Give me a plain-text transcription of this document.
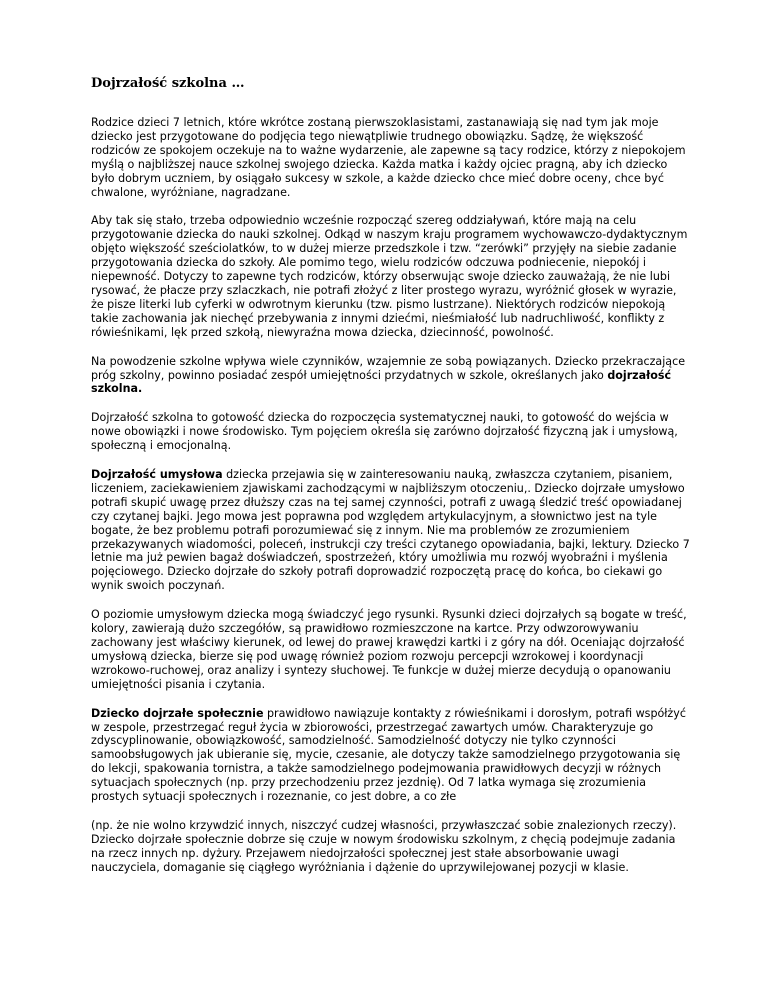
Dojrzałość szkolna …

Rodzice dzieci 7 letnich, które wkrótce zostaną pierwszoklasistami, zastanawiają się nad tym jak moje dziecko jest przygotowane do podjęcia tego niewątpliwie trudnego obowiązku. Sądzę, że większość rodziców ze spokojem oczekuje na to ważne wydarzenie, ale zapewne są tacy rodzice, którzy z niepokojem myślą o najbliższej nauce szkolnej swojego dziecka. Każda matka i każdy ojciec pragną, aby ich dziecko było dobrym uczniem, by osiągało sukcesy w szkole, a każde dziecko chce mieć dobre oceny, chce być chwalone, wyróżniane, nagradzane.

Aby tak się stało, trzeba odpowiednio wcześnie rozpocząć szereg oddziaływań, które mają na celu przygotowanie dziecka do nauki szkolnej. Odkąd w naszym kraju programem wychowawczo-dydaktycznym objęto większość sześciolatków, to w dużej mierze przedszkole i tzw. “zerówki” przyjęły na siebie zadanie przygotowania dziecka do szkoły. Ale pomimo tego, wielu rodziców odczuwa podniecenie, niepokój i niepewność. Dotyczy to zapewne tych rodziców, którzy obserwując swoje dziecko zauważają, że nie lubi rysować, że płacze przy szlaczkach, nie potrafi złożyć z liter prostego wyrazu, wyróżnić głosek w wyrazie, że pisze literki lub cyferki w odwrotnym kierunku (tzw. pismo lustrzane). Niektórych rodziców niepokoją takie zachowania jak niechęć przebywania z innymi dziećmi, nieśmiałość lub nadruchliwość, konflikty z rówieśnikami, lęk przed szkołą, niewyraźna mowa dziecka, dziecinność, powolność.

Na powodzenie szkolne wpływa wiele czynników, wzajemnie ze sobą powiązanych. Dziecko przekraczające próg szkolny, powinno posiadać zespół umiejętności przydatnych w szkole, określanych jako dojrzałość szkolna.

Dojrzałość szkolna to gotowość dziecka do rozpoczęcia systematycznej nauki, to gotowość do wejścia w nowe obowiązki i nowe środowisko. Tym pojęciem określa się zarówno dojrzałość fizyczną jak i umysłową, społeczną i emocjonalną.

Dojrzałość umysłowa dziecka przejawia się w zainteresowaniu nauką, zwłaszcza czytaniem, pisaniem, liczeniem, zaciekawieniem zjawiskami zachodzącymi w najbliższym otoczeniu,. Dziecko dojrzałe umysłowo potrafi skupić uwagę przez dłuższy czas na tej samej czynności, potrafi z uwagą śledzić treść opowiadanej czy czytanej bajki. Jego mowa jest poprawna pod względem artykulacyjnym, a słownictwo jest na tyle bogate, że bez problemu potrafi porozumiewać się z innym. Nie ma problemów ze zrozumieniem przekazywanych wiadomości, poleceń, instrukcji czy treści czytanego opowiadania, bajki, lektury. Dziecko 7 letnie ma już pewien bagaż doświadczeń, spostrzeżeń, który umożliwia mu rozwój wyobraźni i myślenia pojęciowego. Dziecko dojrzałe do szkoły potrafi doprowadzić rozpoczętą pracę do końca, bo ciekawi go wynik swoich poczynań.

O poziomie umysłowym dziecka mogą świadczyć jego rysunki. Rysunki dzieci dojrzałych są bogate w treść, kolory, zawierają dużo szczegółów, są prawidłowo rozmieszczone na kartce. Przy odwzorowywaniu zachowany jest właściwy kierunek, od lewej do prawej krawędzi kartki i z góry na dół. Oceniając dojrzałość umysłową dziecka, bierze się pod uwagę również poziom rozwoju percepcji wzrokowej i koordynacji wzrokowo-ruchowej, oraz analizy i syntezy słuchowej. Te funkcje w dużej mierze decydują o opanowaniu umiejętności pisania i czytania.

Dziecko dojrzałe społecznie prawidłowo nawiązuje kontakty z rówieśnikami i dorosłym, potrafi współżyć w zespole, przestrzegać reguł życia w zbiorowości, przestrzegać zawartych umów. Charakteryzuje go zdyscyplinowanie, obowiązkowość, samodzielność. Samodzielność dotyczy nie tylko czynności samoobsługowych jak ubieranie się, mycie, czesanie, ale dotyczy także samodzielnego przygotowania się do lekcji, spakowania tornistra, a także samodzielnego podejmowania prawidłowych decyzji w różnych sytuacjach społecznych (np. przy przechodzeniu przez jezdnię). Od 7 latka wymaga się zrozumienia prostych sytuacji społecznych i rozeznanie, co jest dobre, a co złe

(np. że nie wolno krzywdzić innych, niszczyć cudzej własności, przywłaszczać sobie znalezionych rzeczy). Dziecko dojrzałe społecznie dobrze się czuje w nowym środowisku szkolnym, z chęcią podejmuje zadania na rzecz innych np. dyżury. Przejawem niedojrzałości społecznej jest stałe absorbowanie uwagi nauczyciela, domaganie się ciągłego wyróżniania i dążenie do uprzywilejowanej pozycji w klasie.
